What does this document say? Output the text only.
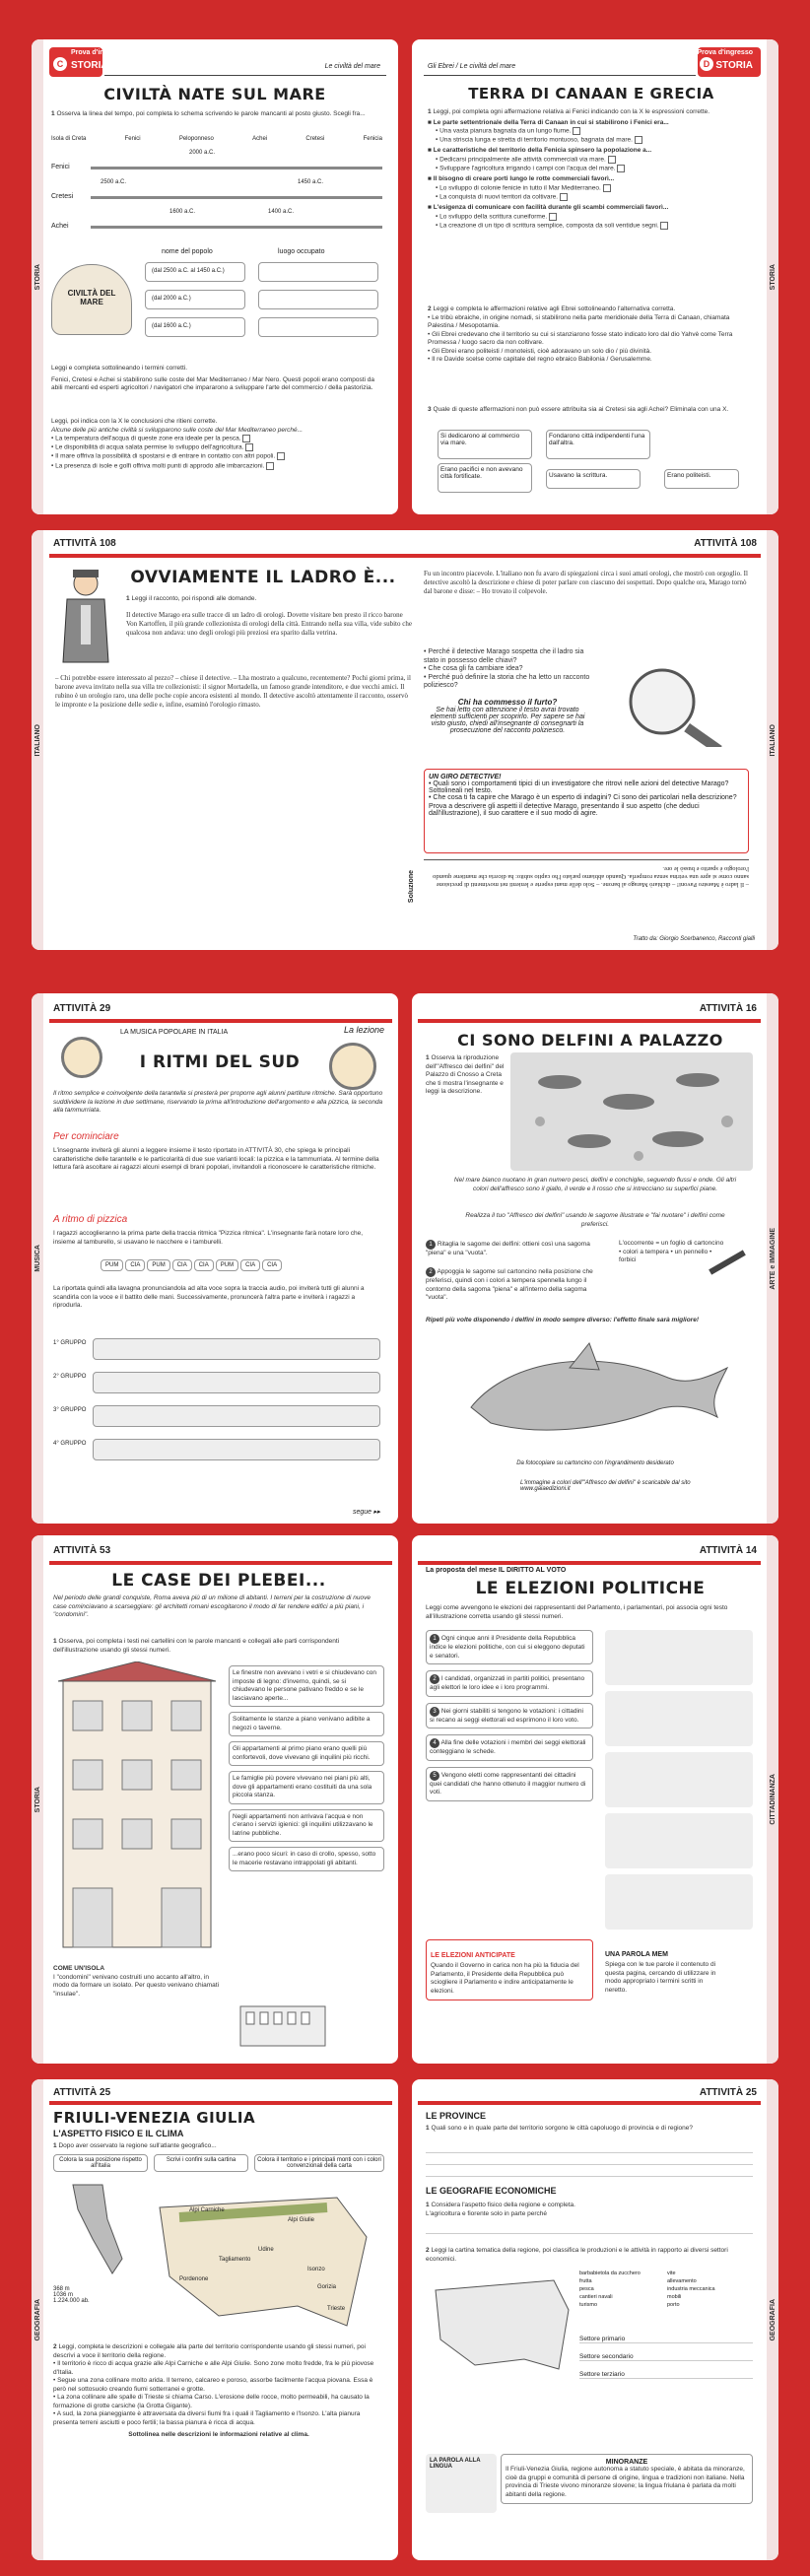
Prova d'ingresso
STORIA
C	Le civiltà del mare
CIVILTÀ NATE SUL MARE
1 Osserva la linea del tempo, poi completa lo schema scrivendo le parole mancanti al posto giusto. Scegli fra...
Isola di Creta	Fenici	Peloponneso	Achei	Cretesi	Fenicia
2000 a.C.
Fenici
2500 a.C.	1450 a.C.
Cretesi
1600 a.C.	1400 a.C.
Achei
CIVILTÀ DEL MARE
nome del popolo	luogo occupato
(dal 2500 a.C. al 1450 a.C.)
(dal 2000 a.C.)
(dal 1600 a.C.)
Leggi e completa sottolineando i termini corretti.
Fenici, Cretesi e Achei si stabilirono sulle coste del Mar Mediterraneo / Mar Nero. Questi popoli erano composti da abili mercanti ed esperti agricoltori / navigatori che impararono a sviluppare l'arte del commercio / della pastorizia.
Leggi, poi indica con la X le conclusioni che ritieni corrette.
Alcune delle più antiche civiltà si svilupparono sulle coste del Mar Mediterraneo perché...
• La temperatura dell'acqua di queste zone era ideale per la pesca.
• Le disponibilità di acqua salata permise lo sviluppo dell'agricoltura.
• Il mare offriva la possibilità di spostarsi e di entrare in contatto con altri popoli.
• La presenza di isole e golfi offriva molti punti di approdo alle imbarcazioni.
STORIA
Gli Ebrei / Le civiltà del mare
Prova d'ingresso
STORIA
D
TERRA DI CANAAN E GRECIA
1 Leggi, poi completa ogni affermazione relativa ai Fenici indicando con la X le espressioni corrette.
■ Le parte settentrionale della Terra di Canaan in cui si stabilirono i Fenici era...
• Una vasta pianura bagnata da un lungo fiume.
• Una striscia lunga e stretta di territorio montuoso, bagnata dal mare.
■ Le caratteristiche del territorio della Fenicia spinsero la popolazione a...
• Dedicarsi principalmente alle attività commerciali via mare.
• Sviluppare l'agricoltura irrigando i campi con l'acqua del mare.
■ Il bisogno di creare porti lungo le rotte commerciali favorì...
• Lo sviluppo di colonie fenicie in tutto il Mar Mediterraneo.
• La conquista di nuovi territori da coltivare.
■ L'esigenza di comunicare con facilità durante gli scambi commerciali favorì...
• Lo sviluppo della scrittura cuneiforme.
• La creazione di un tipo di scrittura semplice, composta da soli ventidue segni.
2 Leggi e completa le affermazioni relative agli Ebrei sottolineando l'alternativa corretta.
• Le tribù ebraiche, in origine nomadi, si stabilirono nella parte meridionale della Terra di Canaan, chiamata Palestina / Mesopotamia.
• Gli Ebrei credevano che il territorio su cui si stanziarono fosse stato indicato loro dal dio Yahvè come Terra Promessa / luogo sacro da non coltivare.
• Gli Ebrei erano politeisti / monoteisti, cioè adoravano un solo dio / più divinità.
• Il re Davide scelse come capitale del regno ebraico Babilonia / Gerusalemme.
3 Quale di queste affermazioni non può essere attribuita sia ai Cretesi sia agli Achei? Eliminala con una X.
Si dedicarono al commercio via mare.
Fondarono città indipendenti l'una dall'altra.
Erano pacifici e non avevano città fortificate.	Usavano la scrittura.	Erano politeisti.
STORIA
ITALIANO	ITALIANO
ATTIVITÀ 108	ATTIVITÀ 108
OVVIAMENTE IL LADRO È...
1 Leggi il racconto, poi rispondi alle domande.

Il detective Marago era sulle tracce di un ladro di orologi. Dovette visitare ben presto il ricco barone Von Kartoffen, il più grande collezionista di orologi della città. Entrando nella sua villa, vide subito che qualcosa non andava: uno degli orologi più preziosi era sparito dalla vetrina.

– Chi potrebbe essere interessato al pezzo? – chiese il detective. – Lha mostrato a qualcuno, recentemente? Pochi giorni prima, il barone aveva invitato nella sua villa tre collezionisti: il signor Mortadella, un famoso grande intenditore, e due vecchi amici. Il rubino è un orologio raro, una delle poche copie ancora esistenti al mondo. Il detective ascoltò attentamente il racconto, osservò le impronte e la posizione delle sedie e, infine, esaminò l'orologio rimasto.

Fu un incontro piacevole. L'italiano non fu avaro di spiegazioni circa i suoi amati orologi, che mostrò con orgoglio. Il detective ascoltò la descrizione e chiese di poter parlare con ciascuno dei sospettati. Dopo qualche ora, Marago tornò dal barone e disse: – Ho trovato il colpevole.

• Perché il detective Marago sospetta che il ladro sia stato in possesso delle chiavi?
• Che cosa gli fa cambiare idea?
• Perché può definire la storia che ha letto un racconto poliziesco?
Chi ha commesso il furto?
Se hai letto con attenzione il testo avrai trovato elementi sufficienti per scoprirlo. Per sapere se hai visto giusto, chiedi all'insegnante di consegnarti la prosecuzione del racconto poliziesco.
UN GIRO DETECTIVE!
• Quali sono i comportamenti tipici di un investigatore che ritrovi nelle azioni del detective Marago? Sottolineali nel testo.
• Che cosa ti fa capire che Marago è un esperto di indagini? Ci sono dei particolari nella descrizione?
Prova a descrivere gli aspetti il detective Marago, presentando il suo aspetto (che deduci dall'illustrazione), il suo carattere e il suo modo di agire.
Soluzione	– Il ladro è Maestro Pavoni! – dichiarò Marago al barone. – Solo delle mani esperte e lenienti nei movimenti di precisione sanno come si apre una vetrina senza romperla. Quando abbiamo parlato l'ho capito subito: ha diceria che mantiene quando l'orologio è sparito e bussò le ore.
Tratto da: Giorgio Scerbanenco, Racconti gialli
MUSICA
ATTIVITÀ 29
LA MUSICA POPOLARE IN ITALIA	La lezione
I RITMI DEL SUD
Il ritmo semplice e coinvolgente della tarantella si presterà per proporre agli alunni partiture ritmiche. Sarà opportuno suddividere la lezione in due settimane, riservando la prima all'introduzione dell'argomento e alla pizzica, la seconda alla tammurriata.
Per cominciare
L'insegnante inviterà gli alunni a leggere insieme il testo riportato in ATTIVITÀ 30, che spiega le principali caratteristiche delle tarantelle e le particolarità di due sue varianti locali: la pizzica e la tammurriata. Al termine della lettura farà ascoltare ai ragazzi alcuni esempi di brani popolari, invitandoli a riconoscere le caratteristiche ritmiche.
A ritmo di pizzica
I ragazzi accoglieranno la prima parte della traccia ritmica "Pizzica ritmica". L'insegnante farà notare loro che, insieme al tamburello, si usavano le nacchere e i tamburelli.
PUM	CIA	PUM	CIA	CIA	PUM	CIA	CIA
La riportata quindi alla lavagna pronunciandola ad alta voce sopra la traccia audio, poi inviterà tutti gli alunni a scandirla con la voce e il battito delle mani. Successivamente, pronuncerà l'altra parte e inviterà i ragazzi a riprodurla.
1° GRUPPO
2° GRUPPO
3° GRUPPO
4° GRUPPO
segue ▸▸
ARTE e IMMAGINE
ATTIVITÀ 16
CI SONO DELFINI A PALAZZO
1 Osserva la riproduzione dell'"Affresco dei delfini" del Palazzo di Cnosso a Creta che ti mostra l'insegnante e leggi la descrizione.
Nel mare bianco nuotano in gran numero pesci, delfini e conchiglie, seguendo flussi e onde. Gli altri colori dell'affresco sono il giallo, il verde e il rosso che si intrecciano su superfici piane.
Realizza il tuo "Affresco dei delfini" usando le sagome illustrate e "fai nuotare" i delfini come preferisci.
1 Ritaglia le sagome dei delfini: ottieni così una sagoma "piena" e una "vuota".
2 Appoggia le sagome sul cartoncino nella posizione che preferisci, quindi con i colori a tempera spennella lungo il contorno della sagoma "piena" e all'interno della sagoma "vuota".
L'occorrente = un foglio di cartoncino • colori a tempera • un pennello • forbici
Ripeti più volte disponendo i delfini in modo sempre diverso: l'effetto finale sarà migliore!
Da fotocopiare su cartoncino con l'ingrandimento desiderato
L'immagine a colori dell'"Affresco dei delfini" è scaricabile dal sito www.gaiaedizioni.it
STORIA
ATTIVITÀ 53
LE CASE DEI PLEBEI...
Nel periodo delle grandi conquiste, Roma aveva più di un milione di abitanti. I terreni per la costruzione di nuove case cominciavano a scarseggiare: gli architetti romani escogitarono il modo di far rendere edifici a più piani, i "condomini".
1 Osserva, poi completa i testi nei cartellini con le parole mancanti e collegali alle parti corrispondenti dell'illustrazione usando gli stessi numeri.
Le finestre non avevano i vetri e si chiudevano con imposte di legno: d'inverno, quindi, se si chiudevano le persone pativano freddo e se le lasciavano aperte...
Solitamente le stanze a piano venivano adibite a negozi o taverne.
Gli appartamenti al primo piano erano quelli più confortevoli, dove vivevano gli inquilini più ricchi.
Le famiglie più povere vivevano nei piani più alti, dove gli appartamenti erano costituiti da una sola piccola stanza.
Negli appartamenti non arrivava l'acqua e non c'erano i servizi igienici: gli inquilini utilizzavano le latrine pubbliche.
...erano poco sicuri: in caso di crollo, spesso, sotto le macerie restavano intrappolati gli abitanti.
COME UN'ISOLA
I "condomini" venivano costruiti uno accanto all'altro, in modo da formare un isolato. Per questo venivano chiamati "insulae".
CITTADINANZA
ATTIVITÀ 14
La proposta del mese IL DIRITTO AL VOTO
LE ELEZIONI POLITICHE
Leggi come avvengono le elezioni dei rappresentanti del Parlamento, i parlamentari, poi associa ogni testo all'illustrazione corretta usando gli stessi numeri.
1 Ogni cinque anni il Presidente della Repubblica indice le elezioni politiche, con cui si eleggono deputati e senatori.
2 I candidati, organizzati in partiti politici, presentano agli elettori le loro idee e i loro programmi.
3 Nei giorni stabiliti si tengono le votazioni: i cittadini si recano ai seggi elettorali ed esprimono il loro voto.
4 Alla fine delle votazioni i membri dei seggi elettorali conteggiano le schede.
5 Vengono eletti come rappresentanti dei cittadini quei candidati che hanno ottenuto il maggior numero di voti.
LE ELEZIONI ANTICIPATE
Quando il Governo in carica non ha più la fiducia del Parlamento, il Presidente della Repubblica può sciogliere il Parlamento e indire anticipatamente le elezioni.
UNA PAROLA MEM
Spiega con le tue parole il contenuto di questa pagina, cercando di utilizzare in modo appropriato i termini scritti in neretto.
GEOGRAFIA
ATTIVITÀ 25
FRIULI-VENEZIA GIULIA
L'ASPETTO FISICO E IL CLIMA
1 Dopo aver osservato la regione sull'atlante geografico...
Colora la sua posizione rispetto all'Italia
Scrivi i confini sulla cartina	Colora il territorio e i principali monti con i colori convenzionali della carta
368 m
1036 m
1.224.000 ab.
Alpi Carniche
Alpi Giulie
Tagliamento
Isonzo
Trieste
Udine
Pordenone
Gorizia
2 Leggi, completa le descrizioni e collegale alla parte del territorio corrispondente usando gli stessi numeri, poi descrivi a voce il territorio della regione.
• Il territorio è ricco di acqua grazie alle Alpi Carniche e alle Alpi Giulie. Sono zone molto fredde, fra le più piovose d'Italia.
• Segue una zona collinare molto arida. Il terreno, calcareo e poroso, assorbe facilmente l'acqua piovana. Essa è però nel sottosuolo creando fiumi sotterranei e grotte.
• La zona collinare alle spalle di Trieste si chiama Carso. L'erosione delle rocce, molto permeabili, ha causato la formazione di grotte carsiche (la Grotta Gigante).
• A sud, la zona pianeggiante è attraversata da diversi fiumi fra i quali il Tagliamento e l'Isonzo. L'alta pianura presenta terreni asciutti e poco fertili; la bassa pianura è ricca di acqua.
Sottolinea nelle descrizioni le informazioni relative al clima.
GEOGRAFIA
ATTIVITÀ 25
LE PROVINCE
1 Quali sono e in quale parte del territorio sorgono le città capoluogo di provincia e di regione?
LE GEOGRAFIE ECONOMICHE
1 Considera l'aspetto fisico della regione e completa.
L'agricoltura e fiorente solo in parte perché
2 Leggi la cartina tematica della regione, poi classifica le produzioni e le attività in rapporto ai diversi settori economici.
barbabietola da zucchero	vite
frutta	allevamento
pesca	industria meccanica
cantieri navali	mobili
turismo	porto
Settore primario
Settore secondario
Settore terziario
MINORANZE
Il Friuli-Venezia Giulia, regione autonoma a statuto speciale, è abitata da minoranze, cioè da gruppi e comunità di persone di origine, lingua e tradizioni non italiane. Nella provincia di Trieste vivono minoranze slovene; la lingua friulana è parlata da molti abitanti della regione.
LA PAROLA ALLA LINGUA
